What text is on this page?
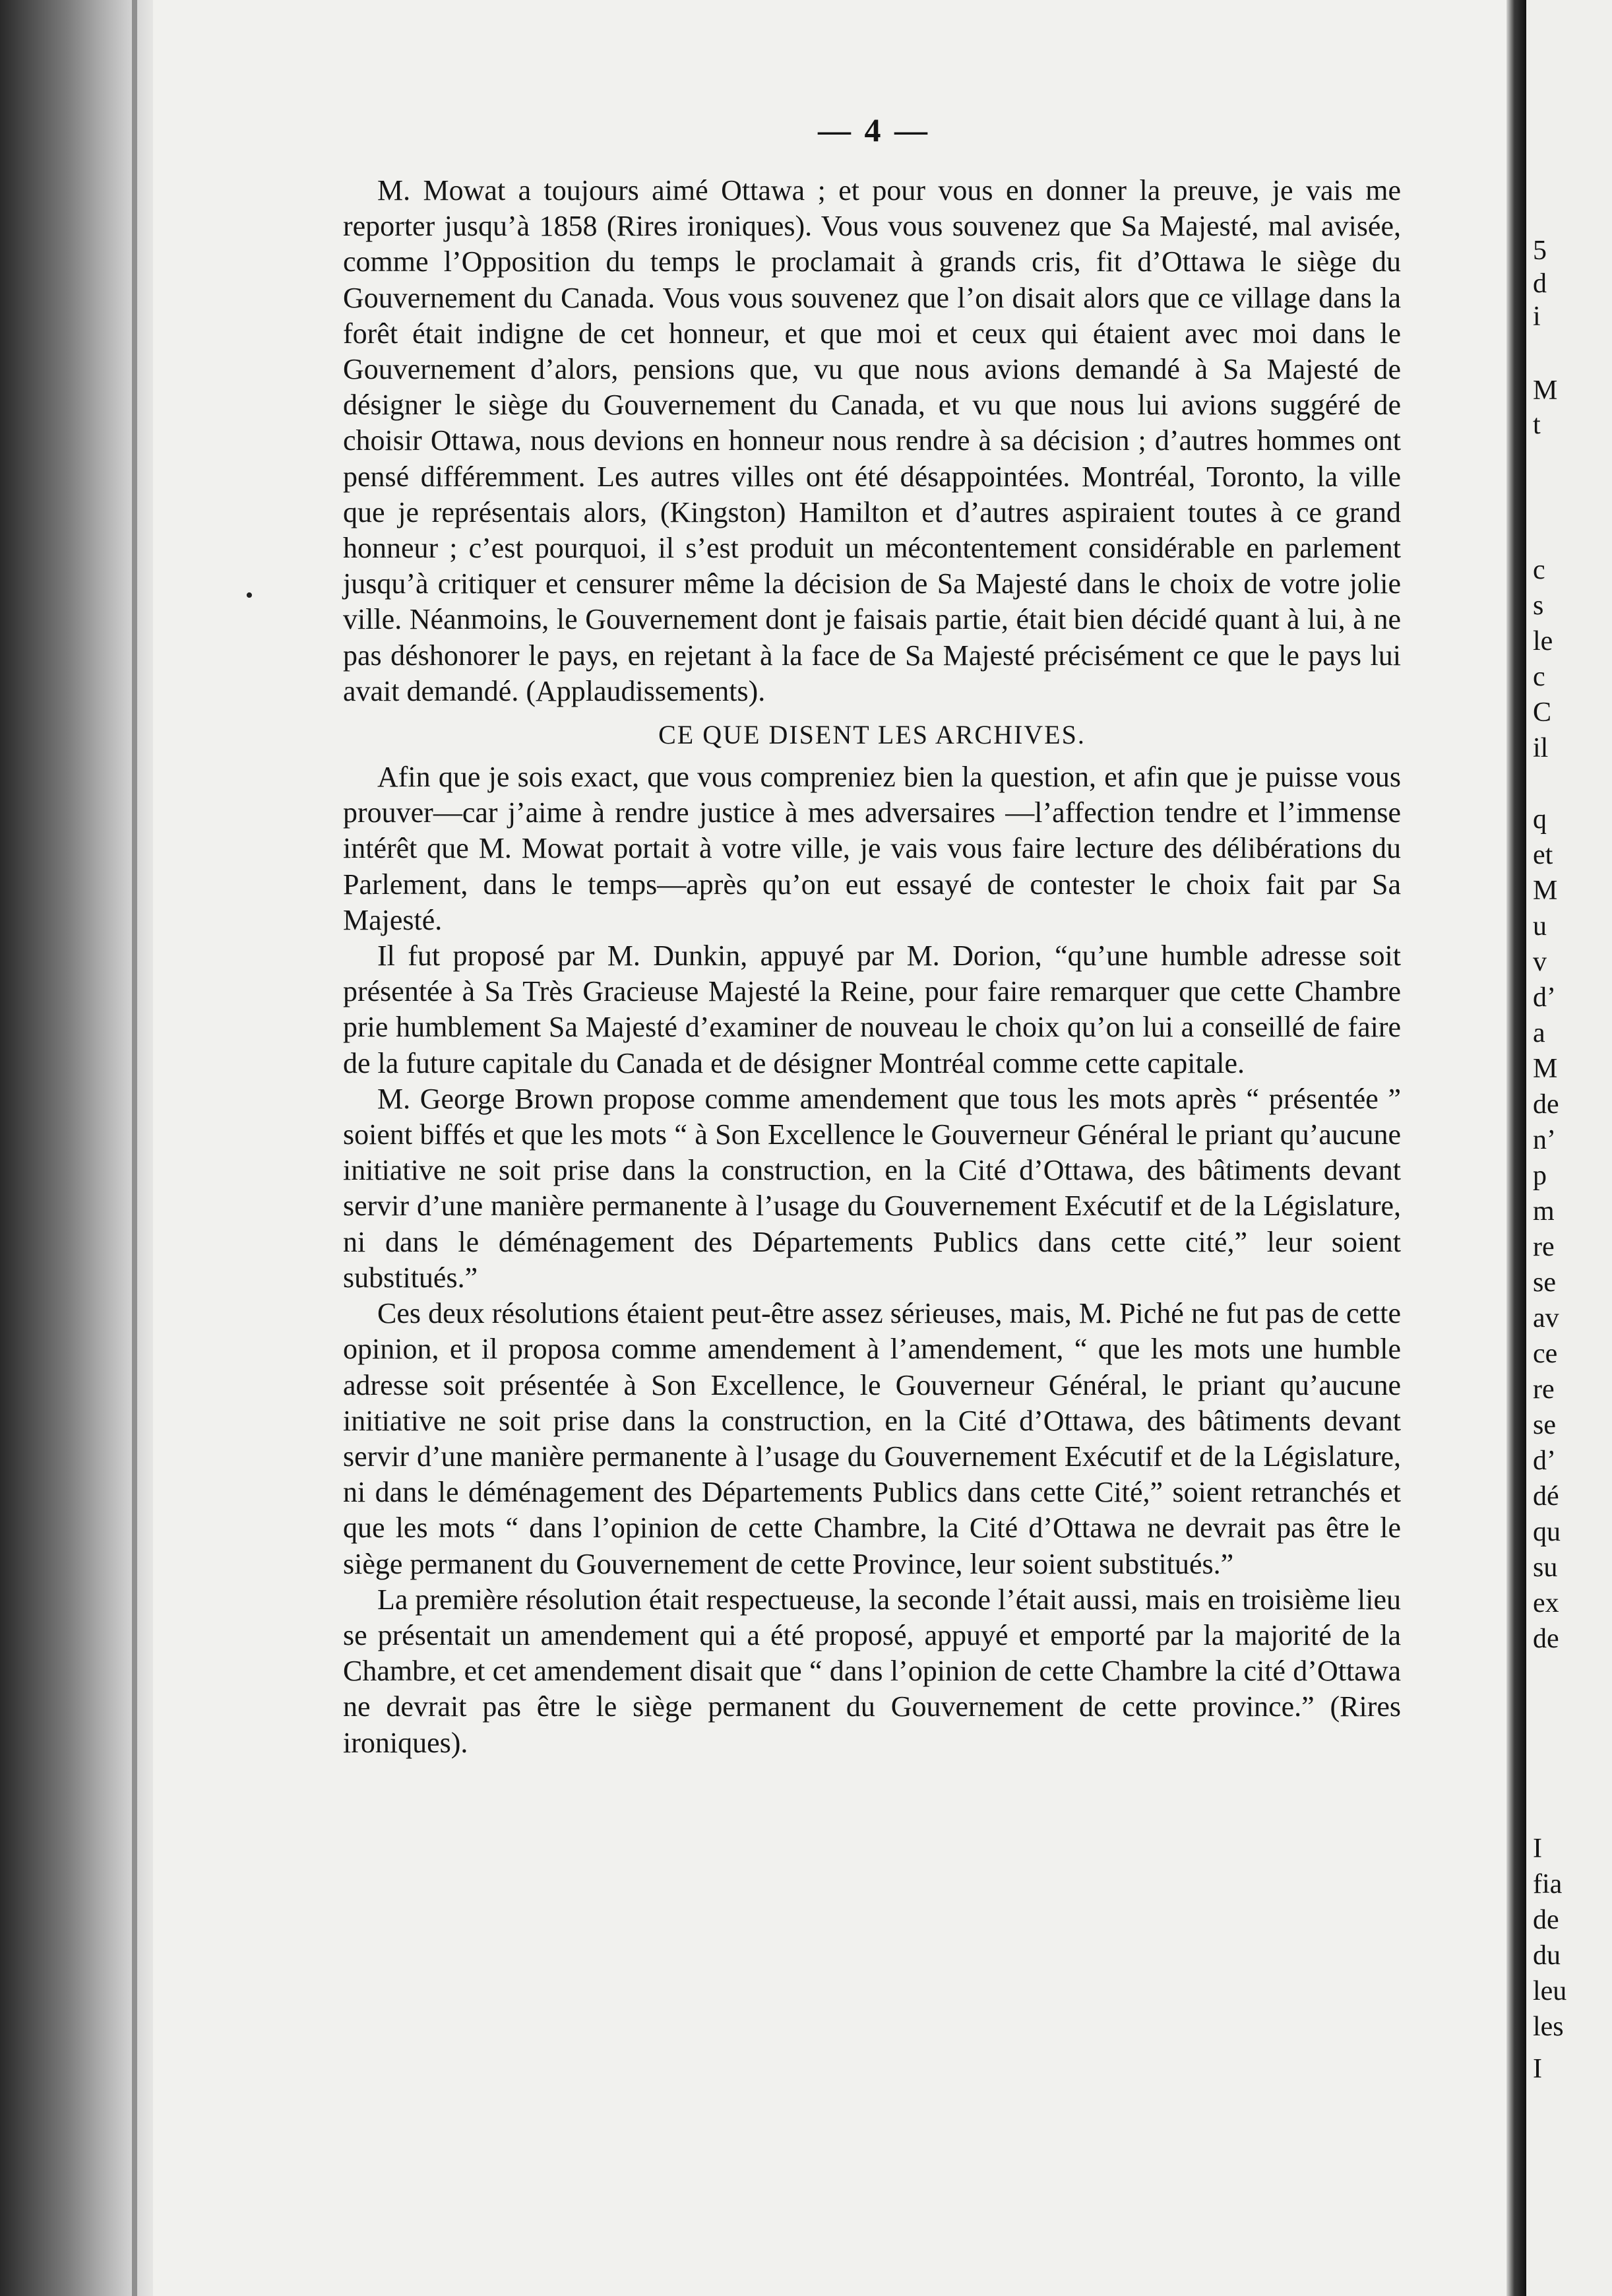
— 4 —
•

M. Mowat a toujours aimé Ottawa ; et pour vous en donner la preuve, je vais me reporter jusqu’à 1858 (Rires ironiques). Vous vous souvenez que Sa Majesté, mal avisée, comme l’Opposition du temps le proclamait à grands cris, fit d’Ottawa le siège du Gouvernement du Canada. Vous vous souvenez que l’on disait alors que ce village dans la forêt était indigne de cet honneur, et que moi et ceux qui étaient avec moi dans le Gouvernement d’alors, pensions que, vu que nous avions demandé à Sa Majesté de désigner le siège du Gouvernement du Canada, et vu que nous lui avions suggéré de choisir Ottawa, nous devions en honneur nous rendre à sa décision ; d’autres hommes ont pensé différemment. Les autres villes ont été désappointées. Montréal, Toronto, la ville que je représentais alors, (Kingston) Hamilton et d’autres aspiraient toutes à ce grand honneur ; c’est pourquoi, il s’est produit un mécontentement considérable en parlement jusqu’à critiquer et censurer même la décision de Sa Majesté dans le choix de votre jolie ville. Néanmoins, le Gouvernement dont je faisais partie, était bien décidé quant à lui, à ne pas déshonorer le pays, en rejetant à la face de Sa Majesté précisément ce que le pays lui avait demandé. (Applaudissements).

CE QUE DISENT LES ARCHIVES.

Afin que je sois exact, que vous compreniez bien la question, et afin que je puisse vous prouver—car j’aime à rendre justice à mes adversaires —l’affection tendre et l’immense intérêt que M. Mowat portait à votre ville, je vais vous faire lecture des délibérations du Parlement, dans le temps—après qu’on eut essayé de contester le choix fait par Sa Majesté.

Il fut proposé par M. Dunkin, appuyé par M. Dorion, “qu’une humble adresse soit présentée à Sa Très Gracieuse Majesté la Reine, pour faire remarquer que cette Chambre prie humblement Sa Majesté d’examiner de nouveau le choix qu’on lui a conseillé de faire de la future capitale du Canada et de désigner Montréal comme cette capitale.

M. George Brown propose comme amendement que tous les mots après “ présentée ” soient biffés et que les mots “ à Son Excellence le Gouverneur Général le priant qu’aucune initiative ne soit prise dans la construction, en la Cité d’Ottawa, des bâtiments devant servir d’une manière permanente à l’usage du Gouvernement Exécutif et de la Législature, ni dans le déménagement des Départements Publics dans cette cité,” leur soient substitués.”

Ces deux résolutions étaient peut-être assez sérieuses, mais, M. Piché ne fut pas de cette opinion, et il proposa comme amendement à l’amendement, “ que les mots une humble adresse soit présentée à Son Excellence, le Gouverneur Général, le priant qu’aucune initiative ne soit prise dans la construction, en la Cité d’Ottawa, des bâtiments devant servir d’une manière permanente à l’usage du Gouvernement Exécutif et de la Législature, ni dans le déménagement des Départements Publics dans cette Cité,” soient retranchés et que les mots “ dans l’opinion de cette Chambre, la Cité d’Ottawa ne devrait pas être le siège permanent du Gouvernement de cette Province, leur soient substitués.”

La première résolution était respectueuse, la seconde l’était aussi, mais en troisième lieu se présentait un amendement qui a été proposé, appuyé et emporté par la majorité de la Chambre, et cet amendement disait que “ dans l’opinion de cette Chambre la cité d’Ottawa ne devrait pas être le siège permanent du Gouvernement de cette province.” (Rires ironiques).

5
d
i
M
t
c
s
le
c
C
il
q
et
M
u
v
d’
a
M
de
n’
p
m
re
se
av
ce
re
se
d’
dé
qu
su
ex
de
I
fia
de
du
leu
les
I
